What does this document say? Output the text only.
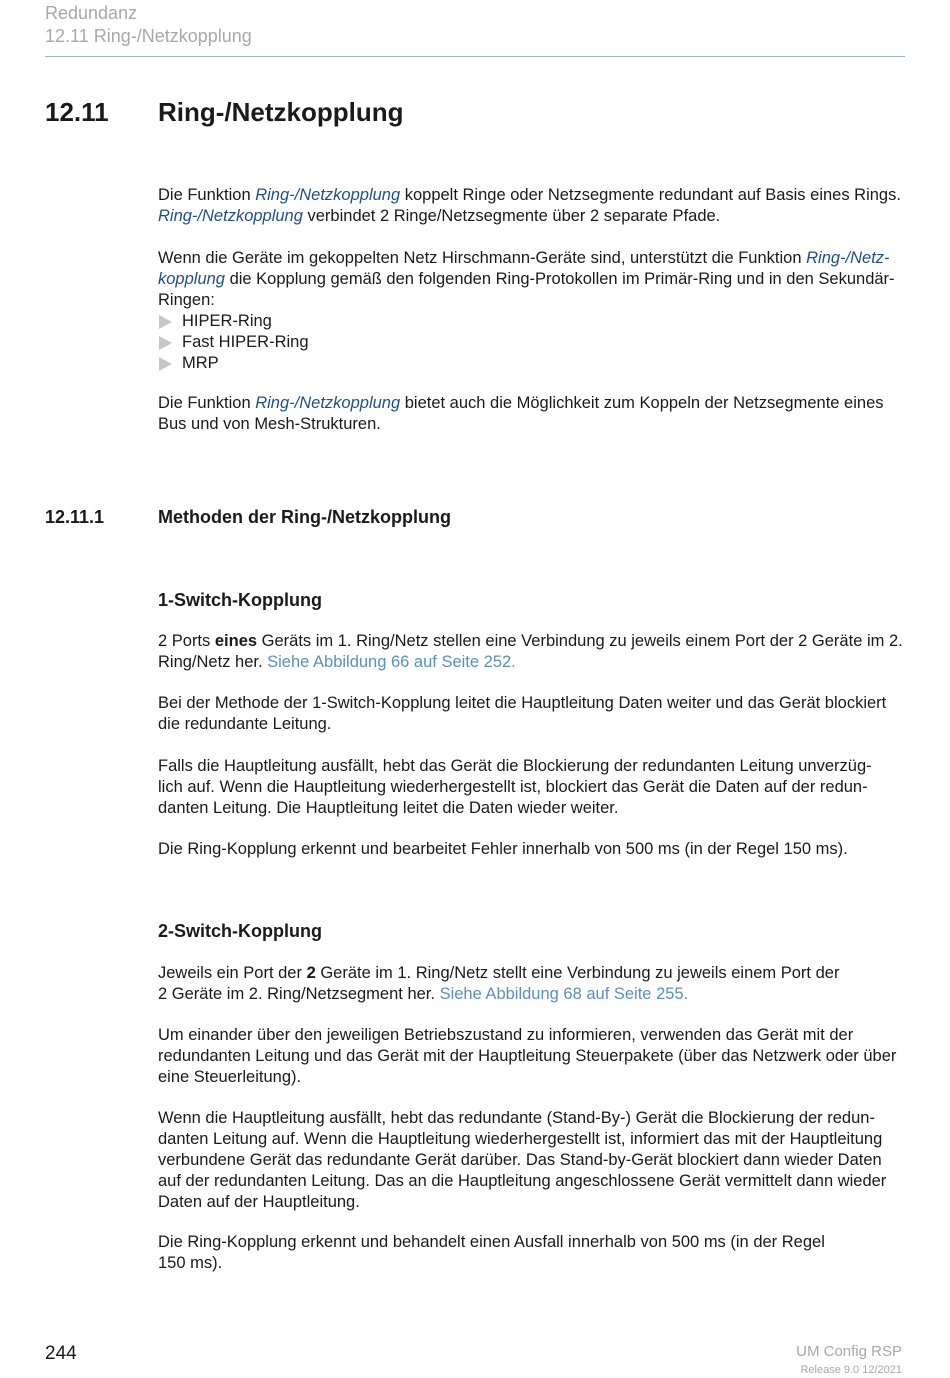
Redundanz
12.11 Ring-/Netzkopplung
12.11 Ring-/Netzkopplung

Die Funktion Ring-/Netzkopplung koppelt Ringe oder Netzsegmente redundant auf Basis eines Rings. Ring-/Netzkopplung verbindet 2 Ringe/Netzsegmente über 2 separate Pfade.

Wenn die Geräte im gekoppelten Netz Hirschmann-Geräte sind, unterstützt die Funktion Ring-/Netz-
kopplung die Kopplung gemäß den folgenden Ring-Protokollen im Primär-Ring und in den Sekundär-Ringen:
HIPER-Ring
Fast HIPER-Ring
MRP

Die Funktion Ring-/Netzkopplung bietet auch die Möglichkeit zum Koppeln der Netzsegmente eines Bus und von Mesh-Strukturen.

12.11.1	Methoden der Ring-/Netzkopplung
1-Switch-Kopplung

2 Ports eines Geräts im 1. Ring/Netz stellen eine Verbindung zu jeweils einem Port der 2 Geräte im 2. Ring/Netz her. Siehe Abbildung 66 auf Seite 252.

Bei der Methode der 1-Switch-Kopplung leitet die Hauptleitung Daten weiter und das Gerät blockiert die redundante Leitung.

Falls die Hauptleitung ausfällt, hebt das Gerät die Blockierung der redundanten Leitung unverzüg-
lich auf. Wenn die Hauptleitung wiederhergestellt ist, blockiert das Gerät die Daten auf der redun-
danten Leitung. Die Hauptleitung leitet die Daten wieder weiter.

Die Ring-Kopplung erkennt und bearbeitet Fehler innerhalb von 500 ms (in der Regel 150 ms).

2-Switch-Kopplung

Jeweils ein Port der 2 Geräte im 1. Ring/Netz stellt eine Verbindung zu jeweils einem Port der
2 Geräte im 2. Ring/Netzsegment her. Siehe Abbildung 68 auf Seite 255.

Um einander über den jeweiligen Betriebszustand zu informieren, verwenden das Gerät mit der redundanten Leitung und das Gerät mit der Hauptleitung Steuerpakete (über das Netzwerk oder über eine Steuerleitung).

Wenn die Hauptleitung ausfällt, hebt das redundante (Stand-By-) Gerät die Blockierung der redun-
danten Leitung auf. Wenn die Hauptleitung wiederhergestellt ist, informiert das mit der Hauptleitung verbundene Gerät das redundante Gerät darüber. Das Stand-by-Gerät blockiert dann wieder Daten auf der redundanten Leitung. Das an die Hauptleitung angeschlossene Gerät vermittelt dann wieder Daten auf der Hauptleitung.

Die Ring-Kopplung erkennt und behandelt einen Ausfall innerhalb von 500 ms (in der Regel
150 ms).

244	UM Config RSP
Release 9.0 12/2021
